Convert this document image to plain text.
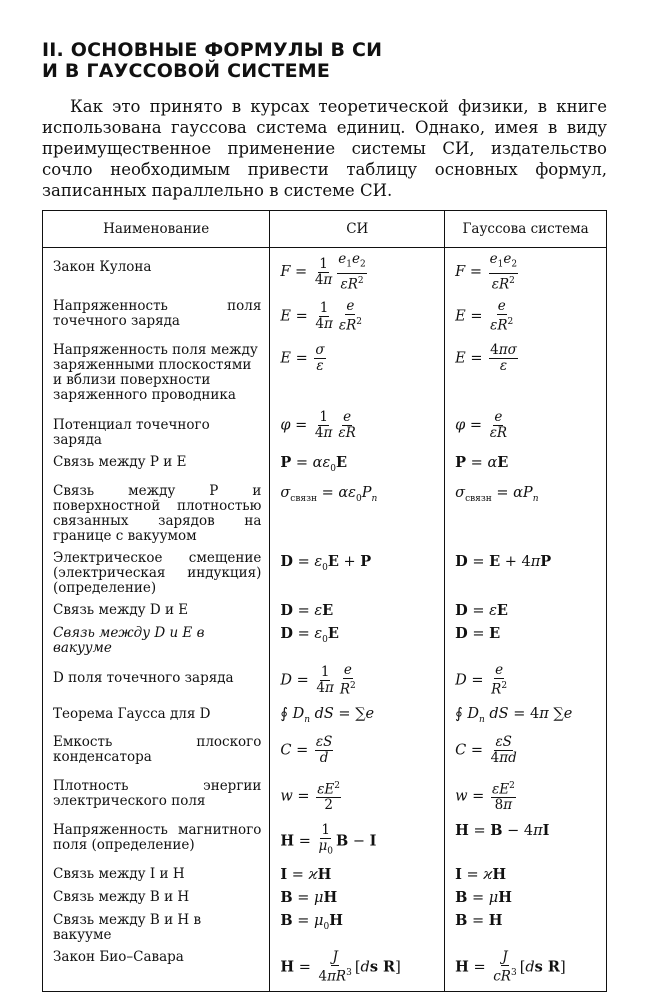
II. ОСНОВНЫЕ ФОРМУЛЫ В СИ
И В ГАУССОВОЙ СИСТЕМЕ

Как это принято в курсах теоретической физики, в книге использована гауссова система единиц. Однако, имея в виду преимущественное применение системы СИ, издательство сочло необходимым привести таблицу основных формул, записанных параллельно в системе СИ.

Наименование	СИ	Гауссова система
Закон Кулона	$F = \frac{1}{4\pi} \frac{e_1e_2}{\varepsilon R^2}$	$F = \frac{e_1e_2}{\varepsilon R^2}$

Напряженность поля точечного заряда	$E = \frac{1}{4\pi} \frac{e}{\varepsilon R^2}$	$E = \frac{e}{\varepsilon R^2}$

Напряженность поля между заряженными плоскостями и вблизи поверхности заряженного проводника	$E = \frac{\sigma}{\varepsilon}$	$E = \frac{4\pi\sigma}{\varepsilon}$

Потенциал точечного заряда	$\varphi = \frac{1}{4\pi} \frac{e}{\varepsilon R}$	$\varphi = \frac{e}{\varepsilon R}$

Связь между P и E	$P = \alpha\varepsilon_0E$	P = αE
Связь между P и поверхностной плотностью связанных зарядов на границе с вакуумом	$\sigma_{связн} = \alpha\varepsilon_0P_n$	$\sigma_{связн} = \alpha P_n$
Электрическое смещение (электрическая индукция) (определение)	$D = \varepsilon_0E + P$	D = E + 4πP
Связь между D и E	D = εE	D = εE
Связь между D и E в вакууме	$D = \varepsilon_0E$	D = E
D поля точечного заряда	$D = \frac{1}{4\pi} \frac{e}{R^2}$	$D = \frac{e}{R^2}$

Теорема Гаусса для D	∮ $D_n$ dS = ∑e	∮ $D_n$ dS = 4π ∑e
Емкость плоского конденсатора	$C = \frac{\varepsilon S}{d}$	$C = \frac{\varepsilon S}{4\pi d}$

Плотность энергии электрического поля	$w = \frac{\varepsilon E^2}{2}$	$w = \frac{\varepsilon E^2}{8\pi}$

Напряженность магнитного поля (определение)	$H = \frac{1}{\mu_0}$ B − I	H = B − 4πI
Связь между I и H	I = ϰH	I = ϰH
Связь между B и H	B = μH	B = μH
Связь между B и H в вакууме	$B = \mu_0H$	B = H
Закон Био–Савара	$H = \frac{J}{4\pi R^3} [ds$ R]	$H = \frac{J}{cR^3} [ds$ R]
